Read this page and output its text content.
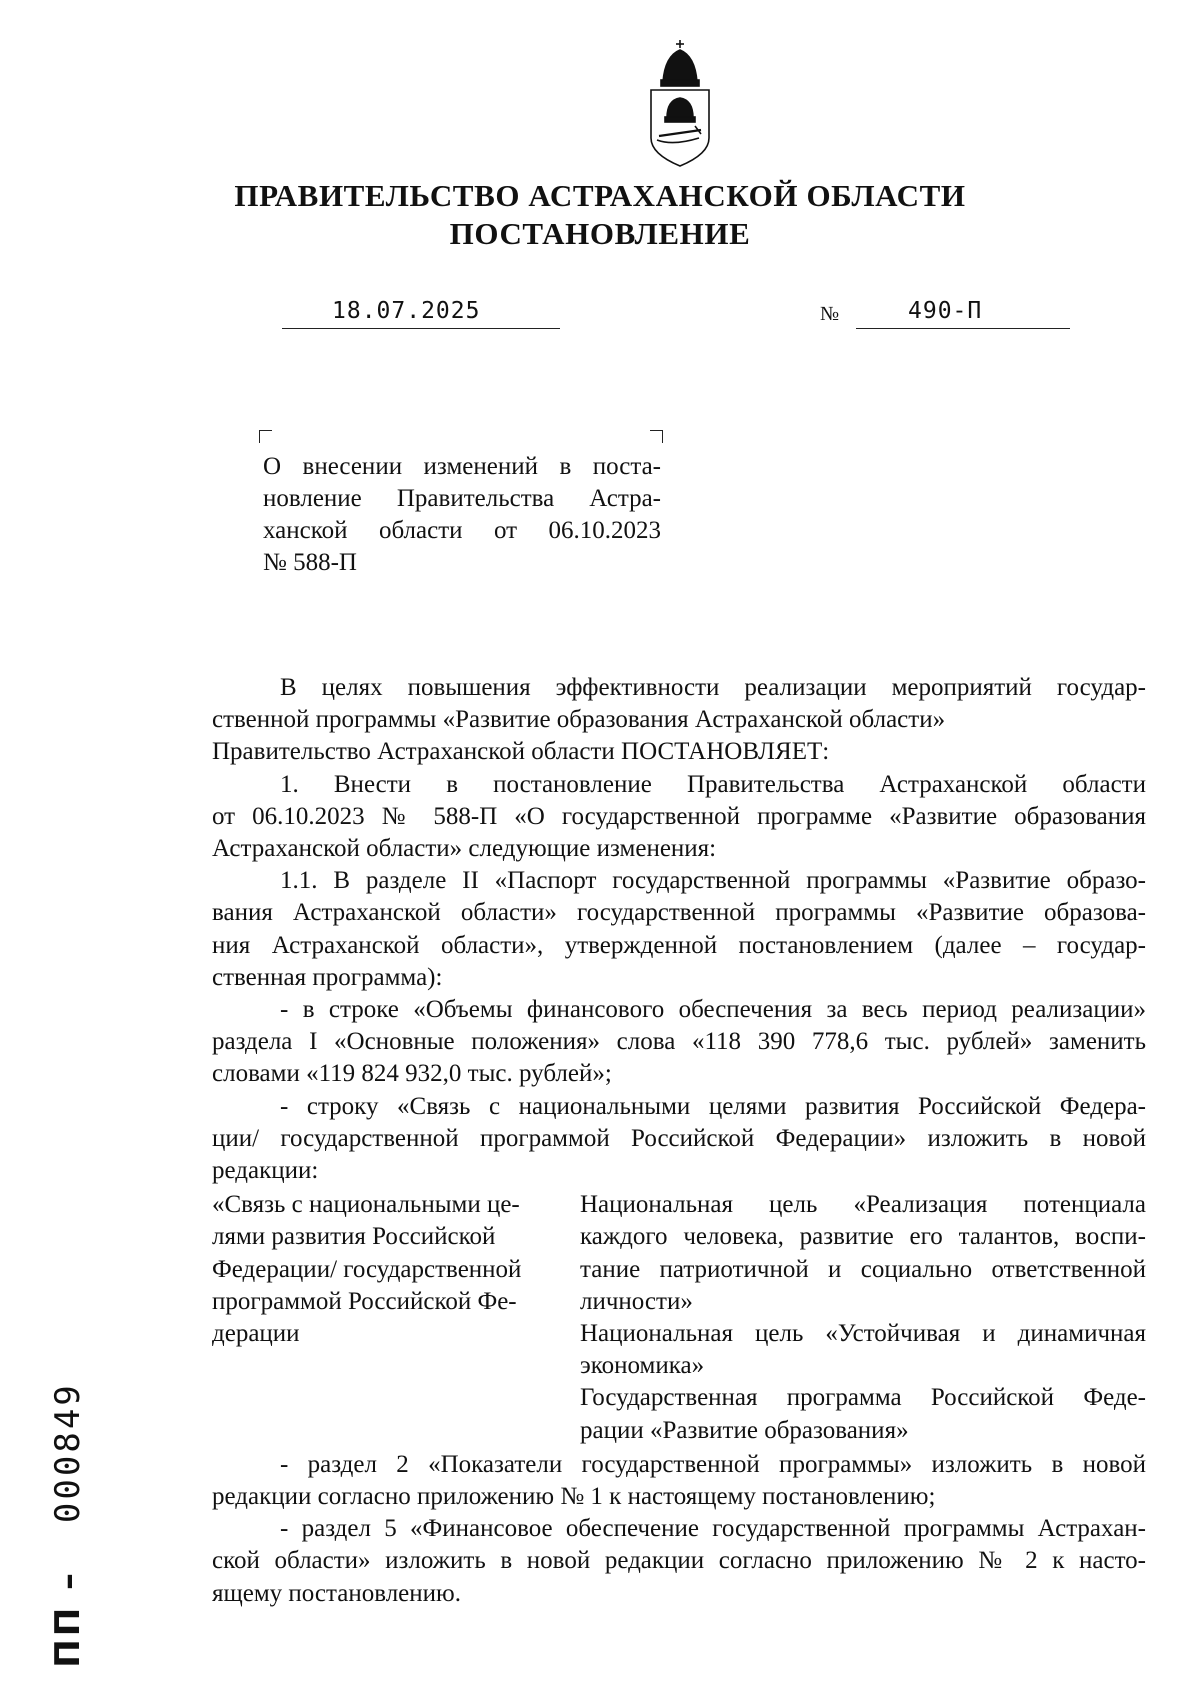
ПРАВИТЕЛЬСТВО АСТРАХАНСКОЙ ОБЛАСТИ
ПОСТАНОВЛЕНИЕ
18.07.2025	№	490-П
О внесении изменений в поста-
новление Правительства Астра-
ханской области от 06.10.2023
№ 588-П
В целях повышения эффективности реализации мероприятий государ-
ственной программы «Развитие образования Астраханской области»
Правительство Астраханской области ПОСТАНОВЛЯЕТ:
1. Внести в постановление Правительства Астраханской области
от 06.10.2023 № 588-П «О государственной программе «Развитие образования
Астраханской области» следующие изменения:
1.1. В разделе II «Паспорт государственной программы «Развитие образо-
вания Астраханской области» государственной программы «Развитие образова-
ния Астраханской области», утвержденной постановлением (далее – государ-
ственная программа):
- в строке «Объемы финансового обеспечения за весь период реализации»
раздела I «Основные положения» слова «118 390 778,6 тыс. рублей» заменить
словами «119 824 932,0 тыс. рублей»;
- строку «Связь с национальными целями развития Российской Федера-
ции/ государственной программой Российской Федерации» изложить в новой
редакции:
«Связь с национальными це-
лями развития Российской
Федерации/ государственной
программой Российской Фе-
дерации
Национальная цель «Реализация потенциала
каждого человека, развитие его талантов, воспи-
тание патриотичной и социально ответственной
личности»
Национальная цель «Устойчивая и динамичная
экономика»
Государственная программа Российской Феде-
рации «Развитие образования»
- раздел 2 «Показатели государственной программы» изложить в новой
редакции согласно приложению № 1 к настоящему постановлению;
- раздел 5 «Финансовое обеспечение государственной программы Астрахан-
ской области» изложить в новой редакции согласно приложению № 2 к насто-
ящему постановлению.
ПП –  000849
